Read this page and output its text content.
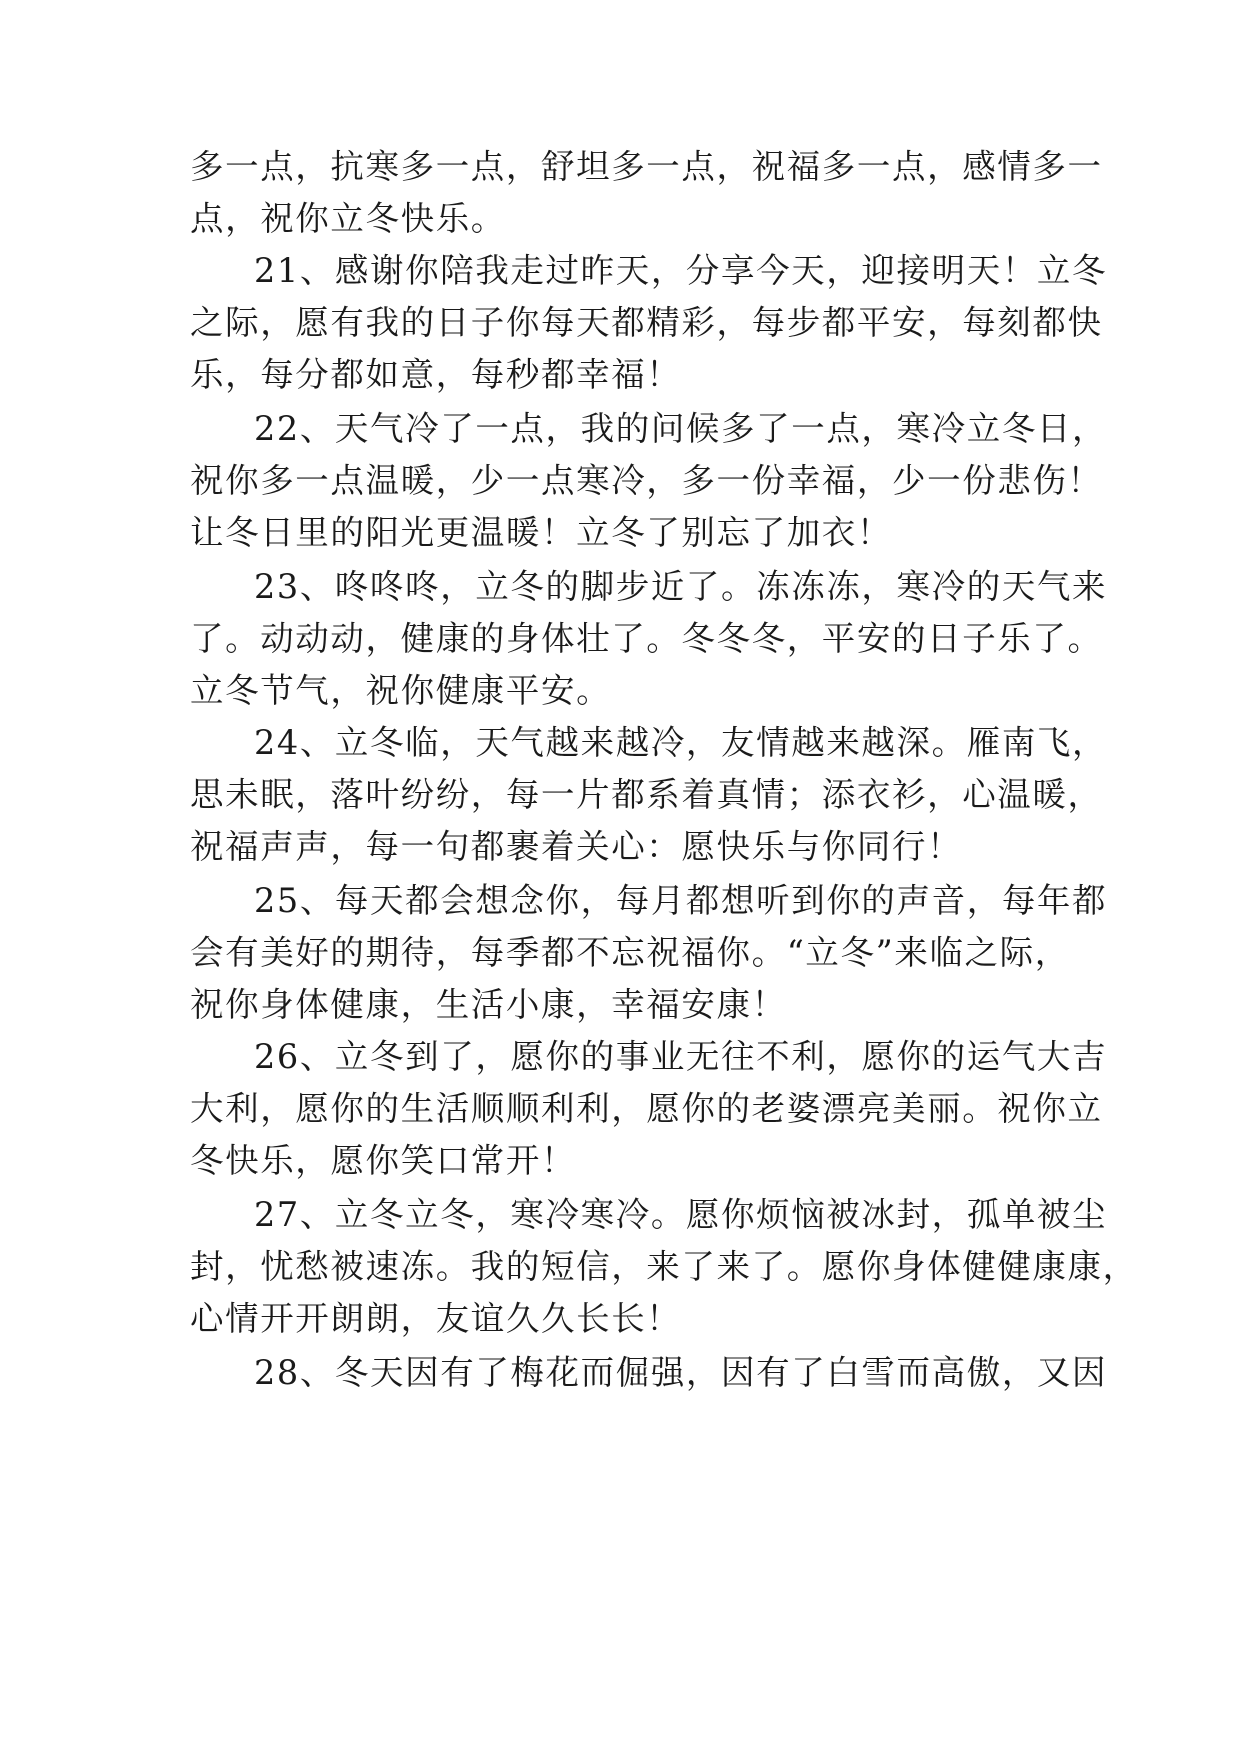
多一点，抗寒多一点，舒坦多一点，祝福多一点，感情多一
点，祝你立冬快乐。
21、感谢你陪我走过昨天，分享今天，迎接明天！立冬
之际，愿有我的日子你每天都精彩，每步都平安，每刻都快
乐，每分都如意，每秒都幸福！
22、天气冷了一点，我的问候多了一点，寒冷立冬日，
祝你多一点温暖，少一点寒冷，多一份幸福，少一份悲伤！
让冬日里的阳光更温暖！立冬了别忘了加衣！
23、咚咚咚，立冬的脚步近了。冻冻冻，寒冷的天气来
了。动动动，健康的身体壮了。冬冬冬，平安的日子乐了。
立冬节气，祝你健康平安。
24、立冬临，天气越来越冷，友情越来越深。雁南飞，
思未眠，落叶纷纷，每一片都系着真情；添衣衫，心温暖，
祝福声声，每一句都裹着关心：愿快乐与你同行！
25、每天都会想念你，每月都想听到你的声音，每年都
会有美好的期待，每季都不忘祝福你。“立冬”来临之际，
祝你身体健康，生活小康，幸福安康！
26、立冬到了，愿你的事业无往不利，愿你的运气大吉
大利，愿你的生活顺顺利利，愿你的老婆漂亮美丽。祝你立
冬快乐，愿你笑口常开！
27、立冬立冬，寒冷寒冷。愿你烦恼被冰封，孤单被尘
封，忧愁被速冻。我的短信，来了来了。愿你身体健健康康，
心情开开朗朗，友谊久久长长！
28、冬天因有了梅花而倔强，因有了白雪而高傲，又因
